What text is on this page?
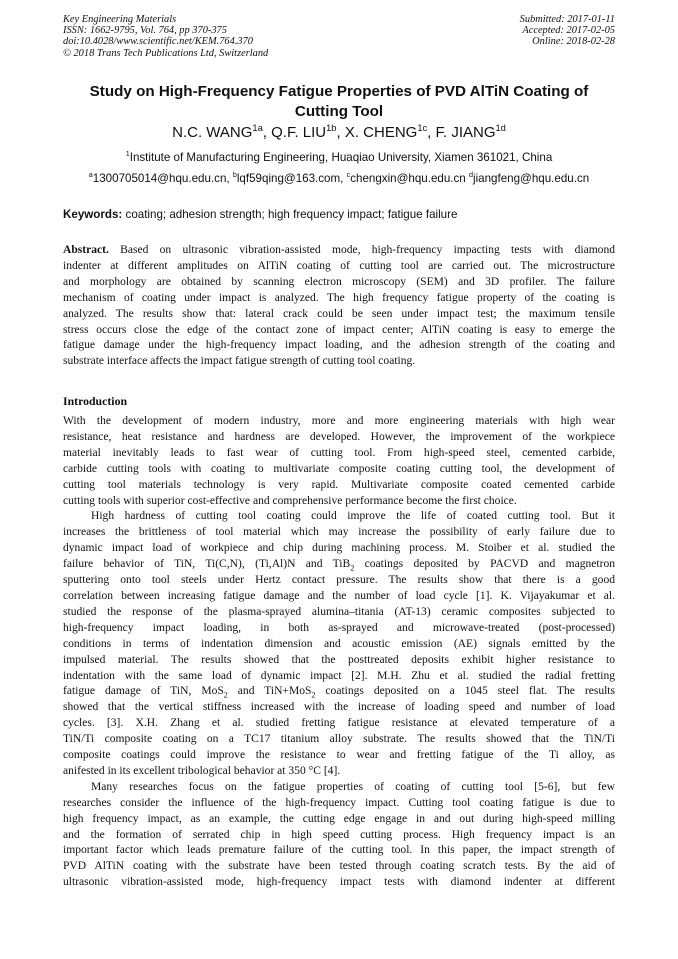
Key Engineering Materials
ISSN: 1662-9795, Vol. 764, pp 370-375
doi:10.4028/www.scientific.net/KEM.764.370
© 2018 Trans Tech Publications Ltd, Switzerland
Submitted: 2017-01-11
Accepted: 2017-02-05
Online: 2018-02-28
Study on High-Frequency Fatigue Properties of PVD AlTiN Coating of
Cutting Tool
N.C. $WANG^{1a}$, Q.F. $LIU^{1b}$, X. $CHENG^{1c}$, F. $JIANG^{1d}$
$^1$Institute of Manufacturing Engineering, Huaqiao University, Xiamen 361021, China
$^a$1300705014@hqu.edu.cn, $^b$lqf59qing@163.com, $^c$chengxin@hqu.edu.cn $^d$jiangfeng@hqu.edu.cn
Keywords: coating; adhesion strength; high frequency impact; fatigue failure
Abstract. Based on ultrasonic vibration-assisted mode, high-frequency impacting tests with diamond
indenter at different amplitudes on AlTiN coating of cutting tool are carried out. The microstructure
and morphology are obtained by scanning electron microscopy (SEM) and 3D profiler. The failure
mechanism of coating under impact is analyzed. The high frequency fatigue property of the coating is
analyzed. The results show that: lateral crack could be seen under impact test; the maximum tensile
stress occurs close the edge of the contact zone of impact center; AlTiN coating is easy to emerge the
fatigue damage under the high-frequency impact loading, and the adhesion strength of the coating and
substrate interface affects the impact fatigue strength of cutting tool coating.
Introduction
With the development of modern industry, more and more engineering materials with high wear
resistance, heat resistance and hardness are developed. However, the improvement of the workpiece
material inevitably leads to fast wear of cutting tool. From high-speed steel, cemented carbide,
carbide cutting tools with coating to multivariate composite coating cutting tool, the development of
cutting tool materials technology is very rapid. Multivariate composite coated cemented carbide
cutting tools with superior cost-effective and comprehensive performance become the first choice.
High hardness of cutting tool coating could improve the life of coated cutting tool. But it
increases the brittleness of tool material which may increase the possibility of early failure due to
dynamic impact load of workpiece and chip during machining process. M. Stoiber et al. studied the
failure behavior of TiN, Ti(C,N), (Ti,Al)N and TiB$_2$ coatings deposited by PACVD and magnetron
sputtering onto tool steels under Hertz contact pressure. The results show that there is a good
correlation between increasing fatigue damage and the number of load cycle [1]. K. Vijayakumar et al.
studied the response of the plasma-sprayed alumina–titania (AT-13) ceramic composites subjected to
high-frequency impact loading, in both as-sprayed and microwave-treated (post-processed)
conditions in terms of indentation dimension and acoustic emission (AE) signals emitted by the
impulsed material. The results showed that the posttreated deposits exhibit higher resistance to
indentation with the same load of dynamic impact [2]. M.H. Zhu et al. studied the radial fretting
fatigue damage of TiN, MoS$_2$ and TiN+MoS$_2$ coatings deposited on a 1045 steel flat. The results
showed that the vertical stiffness increased with the increase of loading speed and number of load
cycles. [3]. X.H. Zhang et al. studied fretting fatigue resistance at elevated temperature of a
TiN/Ti composite coating on a TC17 titanium alloy substrate. The results showed that the TiN/Ti
composite coatings could improve the resistance to wear and fretting fatigue of the Ti alloy, as
anifested in its excellent tribological behavior at 350 °C [4].
Many researches focus on the fatigue properties of coating of cutting tool [5-6], but few
researches consider the influence of the high-frequency impact. Cutting tool coating fatigue is due to
high frequency impact, as an example, the cutting edge engage in and out during high-speed milling
and the formation of serrated chip in high speed cutting process. High frequency impact is an
important factor which leads premature failure of the cutting tool. In this paper, the impact strength of
PVD AlTiN coating with the substrate have been tested through coating scratch tests. By the aid of
ultrasonic vibration-assisted mode, high-frequency impact tests with diamond indenter at different
